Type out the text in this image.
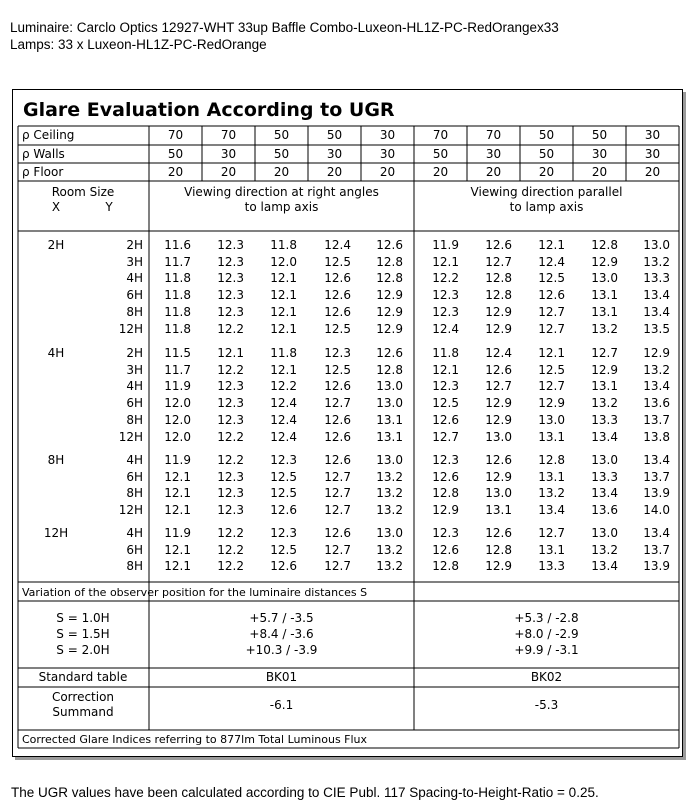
Luminaire: Carclo Optics 12927-WHT 33up Baffle Combo-Luxeon-HL1Z-PC-RedOrangex33
Lamps: 33 x Luxeon-HL1Z-PC-RedOrange
Glare Evaluation According to UGR
ρ Ceiling	70	70	50	50	30	70	70	50	50	30
ρ Walls	50	30	50	30	30	50	30	50	30	30
ρ Floor	20	20	20	20	20	20	20	20	20	20
Room Size
X	Y
Viewing direction at right angles
to lamp axis
Viewing direction parallel
to lamp axis
2H	2H 11.6 12.3 11.8 12.4 12.6 11.9 12.6 12.1 12.8 13.0
3H 11.7 12.3 12.0 12.5 12.8 12.1 12.7 12.4 12.9 13.2
4H 11.8 12.3 12.1 12.6 12.8 12.2 12.8 12.5 13.0 13.3
6H 11.8 12.3 12.1 12.6 12.9 12.3 12.8 12.6 13.1 13.4
8H 11.8 12.3 12.1 12.6 12.9 12.3 12.9 12.7 13.1 13.4
12H 11.8 12.2 12.1 12.5 12.9 12.4 12.9 12.7 13.2 13.5
4H	2H 11.5 12.1 11.8 12.3 12.6 11.8 12.4 12.1 12.7 12.9
3H 11.7 12.2 12.1 12.5 12.8 12.1 12.6 12.5 12.9 13.2
4H 11.9 12.3 12.2 12.6 13.0 12.3 12.7 12.7 13.1 13.4
6H 12.0 12.3 12.4 12.7 13.0 12.5 12.9 12.9 13.2 13.6
8H 12.0 12.3 12.4 12.6 13.1 12.6 12.9 13.0 13.3 13.7
12H 12.0 12.2 12.4 12.6 13.1 12.7 13.0 13.1 13.4 13.8
8H	4H 11.9 12.2 12.3 12.6 13.0 12.3 12.6 12.8 13.0 13.4
6H 12.1 12.3 12.5 12.7 13.2 12.6 12.9 13.1 13.3 13.7
8H 12.1 12.3 12.5 12.7 13.2 12.8 13.0 13.2 13.4 13.9
12H 12.1 12.3 12.6 12.7 13.2 12.9 13.1 13.4 13.6 14.0
12H	4H 11.9 12.2 12.3 12.6 13.0 12.3 12.6 12.7 13.0 13.4
6H 12.1 12.2 12.5 12.7 13.2 12.6 12.8 13.1 13.2 13.7
8H 12.1 12.2 12.6 12.7 13.2 12.8 12.9 13.3 13.4 13.9
Variation of the observer position for the luminaire distances S
S = 1.0H	+5.7 / -3.5	+5.3 / -2.8
S = 1.5H	+8.4 / -3.6	+8.0 / -2.9
S = 2.0H	+10.3 / -3.9	+9.9 / -3.1
Standard table	BK01	BK02
Correction
Summand	-6.1	-5.3
Corrected Glare Indices referring to 877lm Total Luminous Flux
The UGR values have been calculated according to CIE Publ. 117 Spacing-to-Height-Ratio = 0.25.
